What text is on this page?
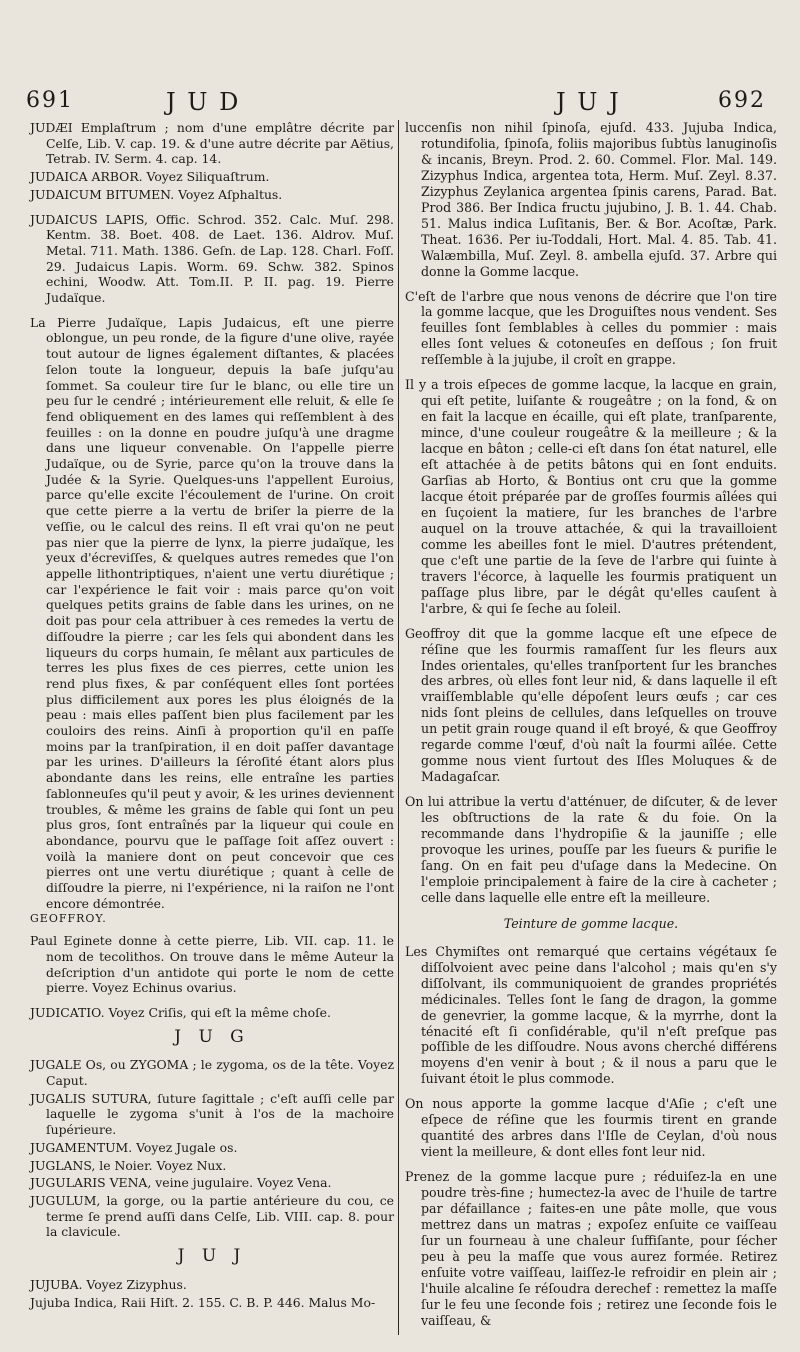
691	J U D	J U J	692

JUDÆI Emplaſtrum ; nom d'une emplâtre décrite par Celſe, Lib. V. cap. 19. & d'une autre décrite par Aëtius, Tetrab. IV. Serm. 4. cap. 14.

JUDAICA ARBOR. Voyez Siliquaſtrum.

JUDAICUM BITUMEN. Voyez Aſphaltus.

JUDAICUS LAPIS, Offic. Schrod. 352. Calc. Muſ. 298. Kentm. 38. Boet. 408. de Laet. 136. Aldrov. Muſ. Metal. 711. Math. 1386. Geſn. de Lap. 128. Charl. Foſſ. 29. Judaicus Lapis. Worm. 69. Schw. 382. Spinos echini, Woodw. Att. Tom.II. P. II. pag. 19. Pierre Judaïque.

La Pierre Judaïque, Lapis Judaicus, eſt une pierre oblongue, un peu ronde, de la figure d'une olive, rayée tout autour de lignes également diſtantes, & placées ſelon toute la longueur, depuis la baſe juſqu'au ſommet. Sa couleur tire ſur le blanc, ou elle tire un peu ſur le cendré ; intérieurement elle reluit, & elle ſe fend obliquement en des lames qui reſſemblent à des feuilles : on la donne en poudre juſqu'à une dragme dans une liqueur convenable. On l'appelle pierre Judaïque, ou de Syrie, parce qu'on la trouve dans la Judée & la Syrie. Quelques-uns l'appellent Euroius, parce qu'elle excite l'écoulement de l'urine. On croit que cette pierre a la vertu de briſer la pierre de la veſſie, ou le calcul des reins. Il eſt vrai qu'on ne peut pas nier que la pierre de lynx, la pierre judaïque, les yeux d'écreviſſes, & quelques autres remedes que l'on appelle lithontriptiques, n'aient une vertu diurétique ; car l'expérience le fait voir : mais parce qu'on voit quelques petits grains de ſable dans les urines, on ne doit pas pour cela attribuer à ces remedes la vertu de diſſoudre la pierre ; car les ſels qui abondent dans les liqueurs du corps humain, ſe mêlant aux particules de terres les plus fixes de ces pierres, cette union les rend plus fixes, & par conſéquent elles ſont portées plus difficilement aux pores les plus éloignés de la peau : mais elles paſſent bien plus facilement par les couloirs des reins. Ainſi à proportion qu'il en paſſe moins par la tranſpiration, il en doit paſſer davantage par les urines. D'ailleurs la ſéroſité étant alors plus abondante dans les reins, elle entraîne les parties ſablonneuſes qu'il peut y avoir, & les urines deviennent troubles, & même les grains de ſable qui ſont un peu plus gros, ſont entraînés par la liqueur qui coule en abondance, pourvu que le paſſage ſoit aſſez ouvert : voilà la maniere dont on peut concevoir que ces pierres ont une vertu diurétique ; quant à celle de diſſoudre la pierre, ni l'expérience, ni la raiſon ne l'ont encore démontrée.

GEOFFROY.

Paul Eginete donne à cette pierre, Lib. VII. cap. 11. le nom de tecolithos. On trouve dans le même Auteur la deſcription d'un antidote qui porte le nom de cette pierre. Voyez Echinus ovarius.

JUDICATIO. Voyez Criſis, qui eſt la même choſe.

J U G

JUGALE Os, ou ZYGOMA ; le zygoma, os de la tête. Voyez Caput.

JUGALIS SUTURA, ſuture ſagittale ; c'eſt auſſi celle par laquelle le zygoma s'unit à l'os de la machoire ſupérieure.

JUGAMENTUM. Voyez Jugale os.

JUGLANS, le Noier. Voyez Nux.

JUGULARIS VENA, veine jugulaire. Voyez Vena.

JUGULUM, la gorge, ou la partie antérieure du cou, ce terme ſe prend auſſi dans Celſe, Lib. VIII. cap. 8. pour la clavicule.

J U J

JUJUBA. Voyez Zizyphus.

Jujuba Indica, Raii Hiſt. 2. 155. C. B. P. 446. Malus Mo-

luccenſis non nihil ſpinoſa, ejuſd. 433. Jujuba Indica, rotundifolia, ſpinoſa, foliis majoribus ſubtùs lanuginoſis & incanis, Breyn. Prod. 2. 60. Commel. Flor. Mal. 149. Zizyphus Indica, argentea tota, Herm. Muſ. Zeyl. 8.37. Zizyphus Zeylanica argentea ſpinis carens, Parad. Bat. Prod 386. Ber Indica fructu jujubino, J. B. 1. 44. Chab. 51. Malus indica Luſitanis, Ber. & Bor. Acoſtæ, Park. Theat. 1636. Per iu-Toddali, Hort. Mal. 4. 85. Tab. 41. Walæmbilla, Muſ. Zeyl. 8. ambella ejuſd. 37. Arbre qui donne la Gomme lacque.

C'eſt de l'arbre que nous venons de décrire que l'on tire la gomme lacque, que les Droguiſtes nous vendent. Ses feuilles ſont ſemblables à celles du pommier : mais elles ſont velues & cotoneuſes en deſſous ; ſon fruit reſſemble à la jujube, il croît en grappe.

Il y a trois eſpeces de gomme lacque, la lacque en grain, qui eſt petite, luiſante & rougeâtre ; on la fond, & on en fait la lacque en écaille, qui eſt plate, tranſparente, mince, d'une couleur rougeâtre & la meilleure ; & la lacque en bâton ; celle-ci eſt dans ſon état naturel, elle eſt attachée à de petits bâtons qui en ſont enduits. Garſias ab Horto, & Bontius ont cru que la gomme lacque étoit préparée par de groſſes fourmis aîlées qui en ſuçoient la matiere, ſur les branches de l'arbre auquel on la trouve attachée, & qui la travailloient comme les abeilles font le miel. D'autres prétendent, que c'eſt une partie de la ſeve de l'arbre qui ſuinte à travers l'écorce, à laquelle les fourmis pratiquent un paſſage plus libre, par le dégât qu'elles cauſent à l'arbre, & qui ſe ſeche au ſoleil.

Geoffroy dit que la gomme lacque eſt une eſpece de réſine que les fourmis ramaſſent ſur les fleurs aux Indes orientales, qu'elles tranſportent ſur les branches des arbres, où elles font leur nid, & dans laquelle il eſt vraiſſemblable qu'elle dépoſent leurs œufs ; car ces nids ſont pleins de cellules, dans leſquelles on trouve un petit grain rouge quand il eſt broyé, & que Geoffroy regarde comme l'œuf, d'où naît la fourmi aîlée. Cette gomme nous vient ſurtout des Iſles Moluques & de Madagaſcar.

On lui attribue la vertu d'atténuer, de diſcuter, & de lever les obſtructions de la rate & du foie. On la recommande dans l'hydropiſie & la jauniſſe ; elle provoque les urines, pouſſe par les ſueurs & purifie le ſang. On en fait peu d'uſage dans la Medecine. On l'emploie principalement à faire de la cire à cacheter ; celle dans laquelle elle entre eſt la meilleure.

Teinture de gomme lacque.

Les Chymiſtes ont remarqué que certains végétaux ſe diſſolvoient avec peine dans l'alcohol ; mais qu'en s'y diſſolvant, ils communiquoient de grandes propriétés médicinales. Telles ſont le ſang de dragon, la gomme de genevrier, la gomme lacque, & la myrrhe, dont la ténacité eſt ſi conſidérable, qu'il n'eſt preſque pas poſſible de les diſſoudre. Nous avons cherché différens moyens d'en venir à bout ; & il nous a paru que le ſuivant étoit le plus commode.

On nous apporte la gomme lacque d'Aſie ; c'eſt une eſpece de réſine que les fourmis tirent en grande quantité des arbres dans l'Iſle de Ceylan, d'où nous vient la meilleure, & dont elles font leur nid.

Prenez de la gomme lacque pure ; réduiſez-la en une poudre très-fine ; humectez-la avec de l'huile de tartre par défaillance ; faites-en une pâte molle, que vous mettrez dans un matras ; expoſez enſuite ce vaiſſeau ſur un fourneau à une chaleur ſuffiſante, pour ſécher peu à peu la maſſe que vous aurez formée. Retirez enſuite votre vaiſſeau, laiſſez-le refroidir en plein air ; l'huile alcaline ſe réſoudra derechef : remettez la maſſe ſur le feu une ſeconde fois ; retirez une ſeconde fois le vaiſſeau, &
